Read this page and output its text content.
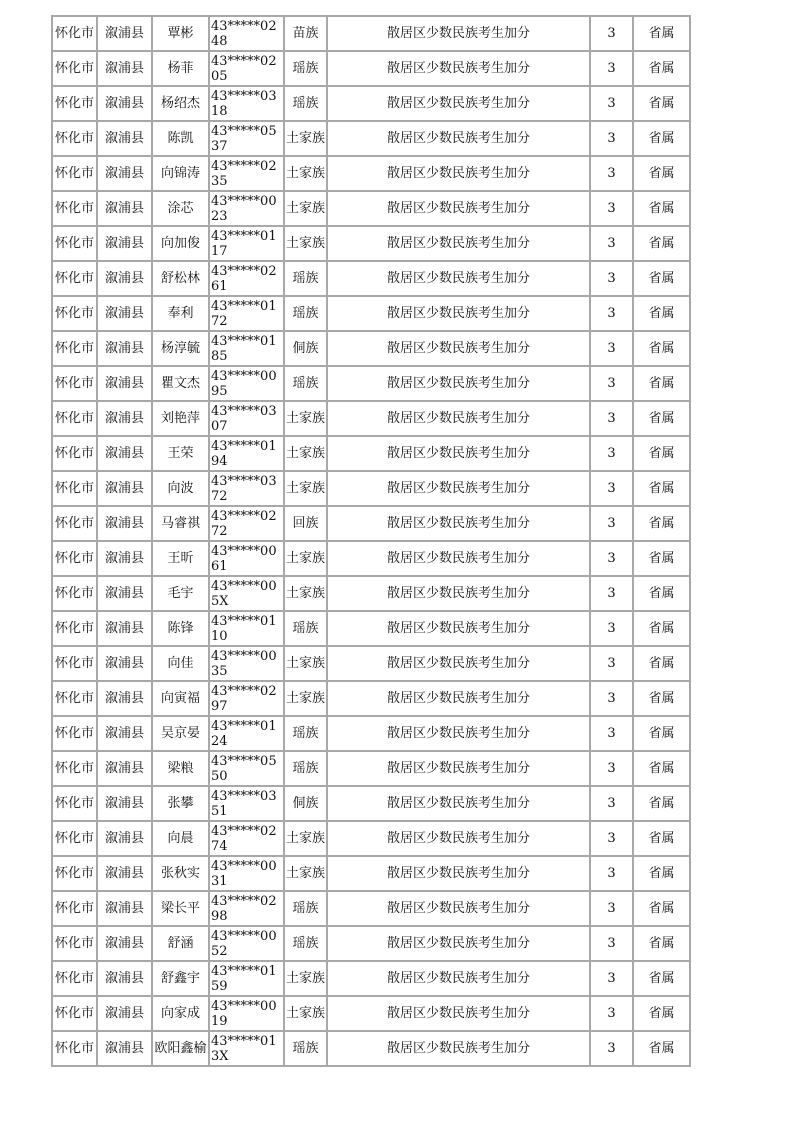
怀化市	溆浦县	覃彬	43*****0248	苗族	散居区少数民族考生加分	3	省属

怀化市	溆浦县	杨菲	43*****0205	瑶族	散居区少数民族考生加分	3	省属

怀化市	溆浦县	杨绍杰	43*****0318	瑶族	散居区少数民族考生加分	3	省属

怀化市	溆浦县	陈凯	43*****0537	土家族	散居区少数民族考生加分	3	省属

怀化市	溆浦县	向锦涛	43*****0235	土家族	散居区少数民族考生加分	3	省属

怀化市	溆浦县	涂芯	43*****0023	土家族	散居区少数民族考生加分	3	省属

怀化市	溆浦县	向加俊	43*****0117	土家族	散居区少数民族考生加分	3	省属

怀化市	溆浦县	舒松林	43*****0261	瑶族	散居区少数民族考生加分	3	省属

怀化市	溆浦县	奉利	43*****0172	瑶族	散居区少数民族考生加分	3	省属

怀化市	溆浦县	杨淳毓	43*****0185	侗族	散居区少数民族考生加分	3	省属

怀化市	溆浦县	瞿文杰	43*****0095	瑶族	散居区少数民族考生加分	3	省属

怀化市	溆浦县	刘艳萍	43*****0307	土家族	散居区少数民族考生加分	3	省属

怀化市	溆浦县	王荣	43*****0194	土家族	散居区少数民族考生加分	3	省属

怀化市	溆浦县	向波	43*****0372	土家族	散居区少数民族考生加分	3	省属

怀化市	溆浦县	马睿祺	43*****0272	回族	散居区少数民族考生加分	3	省属

怀化市	溆浦县	王昕	43*****0061	土家族	散居区少数民族考生加分	3	省属

怀化市	溆浦县	毛宇	43*****005X	土家族	散居区少数民族考生加分	3	省属

怀化市	溆浦县	陈锋	43*****0110	瑶族	散居区少数民族考生加分	3	省属

怀化市	溆浦县	向佳	43*****0035	土家族	散居区少数民族考生加分	3	省属

怀化市	溆浦县	向寅福	43*****0297	土家族	散居区少数民族考生加分	3	省属

怀化市	溆浦县	吴京晏	43*****0124	瑶族	散居区少数民族考生加分	3	省属

怀化市	溆浦县	梁粮	43*****0550	瑶族	散居区少数民族考生加分	3	省属

怀化市	溆浦县	张攀	43*****0351	侗族	散居区少数民族考生加分	3	省属

怀化市	溆浦县	向晨	43*****0274	土家族	散居区少数民族考生加分	3	省属

怀化市	溆浦县	张秋实	43*****0031	土家族	散居区少数民族考生加分	3	省属

怀化市	溆浦县	梁长平	43*****0298	瑶族	散居区少数民族考生加分	3	省属

怀化市	溆浦县	舒涵	43*****0052	瑶族	散居区少数民族考生加分	3	省属

怀化市	溆浦县	舒鑫宇	43*****0159	土家族	散居区少数民族考生加分	3	省属

怀化市	溆浦县	向家成	43*****0019	土家族	散居区少数民族考生加分	3	省属

怀化市	溆浦县	欧阳鑫榆	43*****013X	瑶族	散居区少数民族考生加分	3	省属
